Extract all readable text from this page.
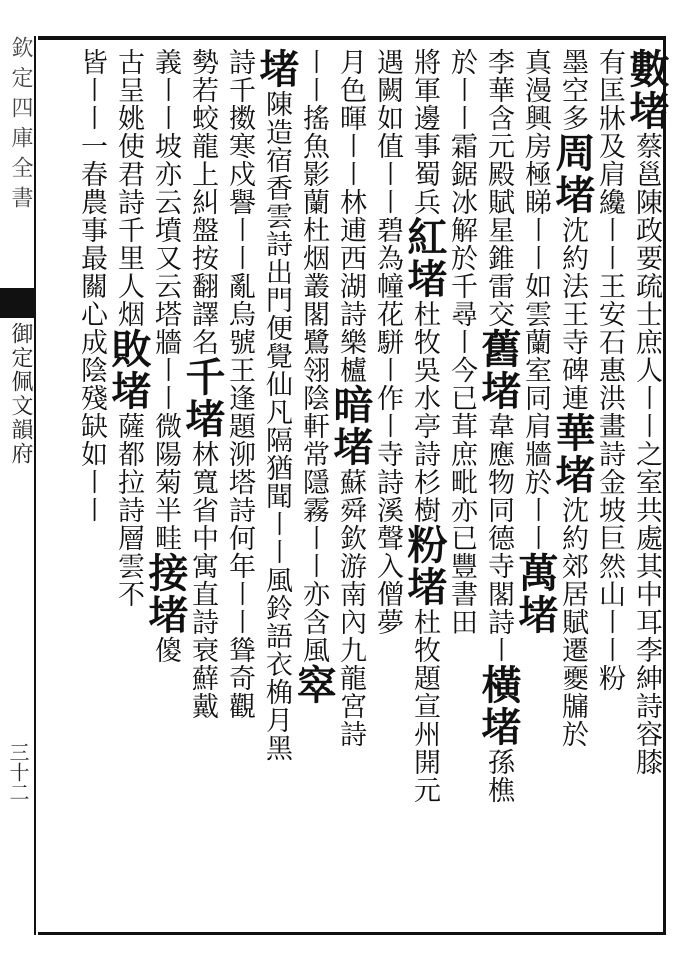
欽定四庫全書
御定佩文韻府
三十二
數堵蔡邕陳政要疏士庶人〡〡之室共處其中耳李紳詩容膝
有匡牀及肩纔〡〡王安石惠洪畫詩金坡巨然山〡〡粉
墨空多周堵沈約法王寺碑連華堵沈約郊居賦遷夒牖於
真漫興房極睇〡〡如雲蘭室同肩牆於〡〡萬堵
李華含元殿賦星錐雷交舊堵韋應物同德寺閣詩〡橫堵孫樵
於〡〡霜鋸冰解於千尋〡今已茸庶毗亦已豐書田
將軍邊事蜀兵紅堵杜牧吳水亭詩杉樹粉堵杜牧題宣州開元
遇闕如值〡〡碧為幢花駢〡作〡寺詩溪聲入僧夢
月色暉〡〡林逋西湖詩樂櫨暗堵蘇舜欽游南內九龍宮詩
〡〡搖魚影蘭杜烟叢閣鷺翎陰軒常隱霧〡〡亦含風窣
堵陳造宿香雲詩出門便覺仙凡隔猶聞〡〡風鈴語衣桷月黑
詩千擞寒戍譽〡〡亂烏號王逢題泖塔詩何年〡〡聳奇觀
勢若蛟龍上糾盤按翻譯名千堵林寬省中寓直詩衰蘚戴
義〡〡坡亦云墳又云塔牆〡〡微陽菊半畦接堵傻
古呈姚使君詩千里人烟敗堵薩都拉詩層雲不
皆〡〡一春農事最關心成陰殘缺如〡〡
